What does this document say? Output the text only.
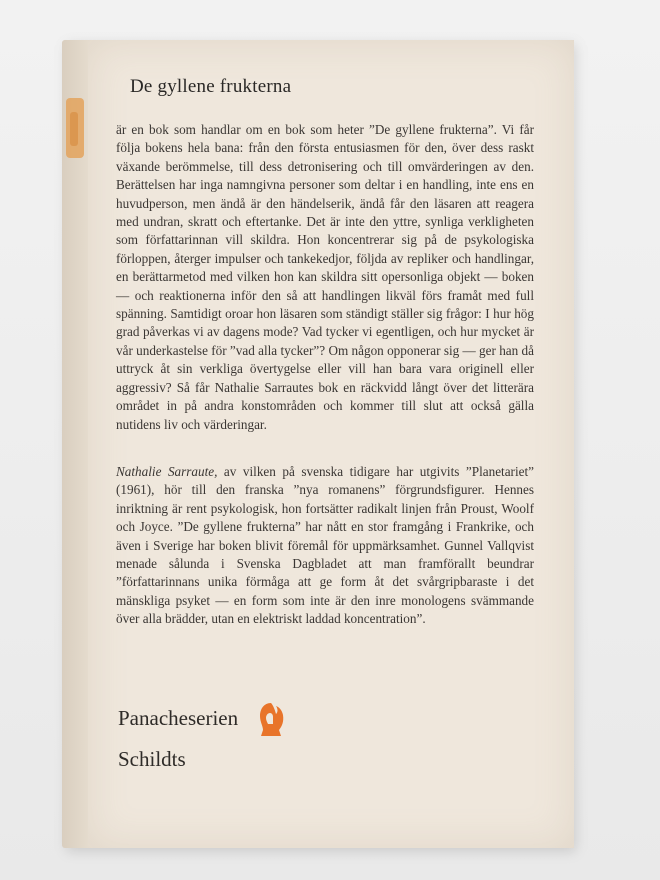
De gyllene frukterna

är en bok som handlar om en bok som heter ”De gyllene frukterna”. Vi får följa bokens hela bana: från den första entusiasmen för den, över dess raskt växande berömmelse, till dess detronisering och till omvärderingen av den. Berättelsen har inga namngivna personer som deltar i en handling, inte ens en huvudperson, men ändå är den händelserik, ändå får den läsaren att reagera med undran, skratt och eftertanke. Det är inte den yttre, synliga verkligheten som författarinnan vill skildra. Hon koncentrerar sig på de psykologiska förloppen, återger impulser och tankekedjor, följda av repliker och handlingar, en berättarmetod med vilken hon kan skildra sitt opersonliga objekt — boken — och reaktionerna inför den så att handlingen likväl förs framåt med full spänning. Samtidigt oroar hon läsaren som ständigt ställer sig frågor: I hur hög grad påverkas vi av dagens mode? Vad tycker vi egentligen, och hur mycket är vår underkastelse för ”vad alla tycker”? Om någon opponerar sig — ger han då uttryck åt sin verkliga övertygelse eller vill han bara vara originell eller aggressiv? Så får Nathalie Sarrautes bok en räckvidd långt över det litterära området in på andra konstområden och kommer till slut att också gälla nutidens liv och värderingar.

Nathalie Sarraute, av vilken på svenska tidigare har utgivits ”Planetariet” (1961), hör till den franska ”nya romanens” förgrundsfigurer. Hennes inriktning är rent psykologisk, hon fortsätter radikalt linjen från Proust, Woolf och Joyce. ”De gyllene frukterna” har nått en stor framgång i Frankrike, och även i Sverige har boken blivit föremål för uppmärksamhet. Gunnel Vallqvist menade sålunda i Svenska Dagbladet att man framförallt beundrar ”författarinnans unika förmåga att ge form åt det svårgripbaraste i det mänskliga psyket — en form som inte är den inre monologens svämmande över alla brädder, utan en elektriskt laddad koncentration”.

Panacheserien
Schildts
